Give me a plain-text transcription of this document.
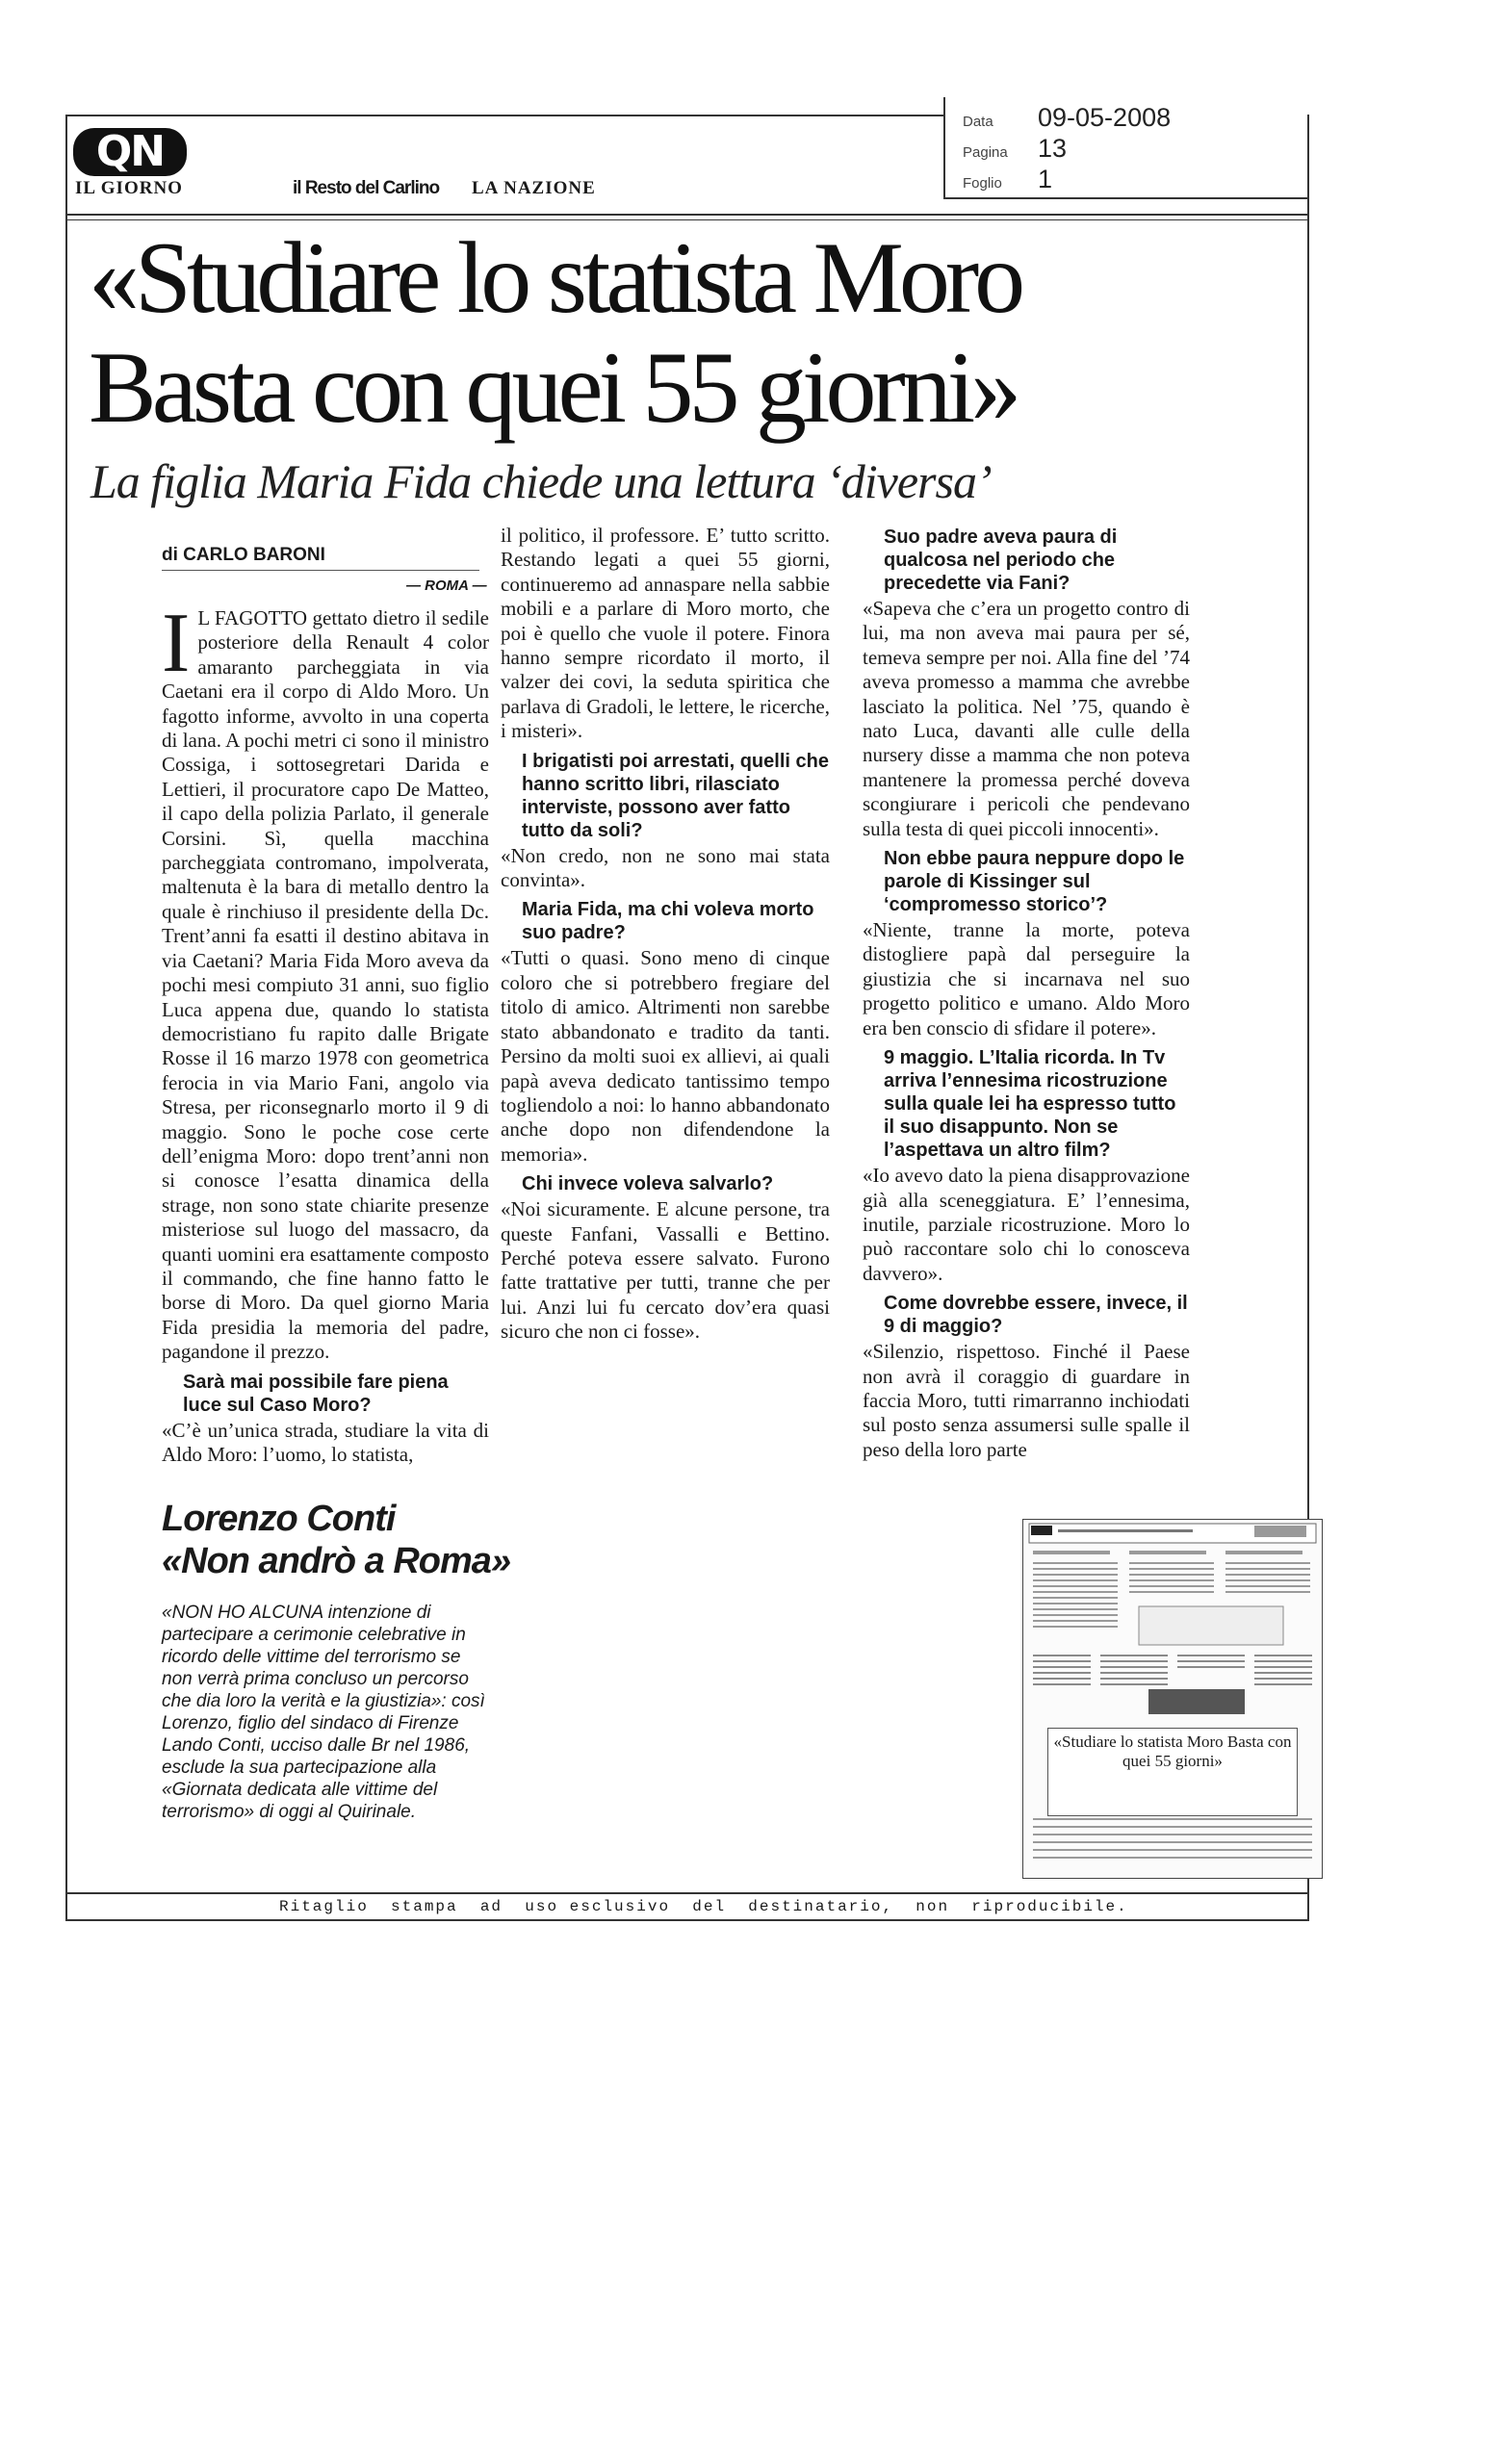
QN
IL GIORNO	il Resto del Carlino LA NAZIONE
Data 09-05-2008
Pagina 13
Foglio 1
«Studiare lo statista Moro
Basta con quei 55 giorni»
La figlia Maria Fida chiede una lettura ‘diversa’
di CARLO BARONI
— ROMA —

I L FAGOTTO gettato dietro il sedile posteriore della Renault 4 color amaranto parcheggiata in via Caetani era il corpo di Aldo Moro. Un fagotto informe, avvolto in una coperta di lana. A pochi metri ci sono il ministro Cossiga, i sottosegretari Darida e Lettieri, il procuratore capo De Matteo, il capo della polizia Parlato, il generale Corsini. Sì, quella macchina parcheggiata contromano, impolverata, maltenuta è la bara di metallo dentro la quale è rinchiuso il presidente della Dc. Trent’anni fa esatti il destino abitava in via Caetani? Maria Fida Moro aveva da pochi mesi compiuto 31 anni, suo figlio Luca appena due, quando lo statista democristiano fu rapito dalle Brigate Rosse il 16 marzo 1978 con geometrica ferocia in via Mario Fani, angolo via Stresa, per riconsegnarlo morto il 9 di maggio. Sono le poche cose certe dell’enigma Moro: dopo trent’anni non si conosce l’esatta dinamica della strage, non sono state chiarite presenze misteriose sul luogo del massacro, da quanti uomini era esattamente composto il commando, che fine hanno fatto le borse di Moro. Da quel giorno Maria Fida presidia la memoria del padre, pagandone il prezzo.

Sarà mai possibile fare piena luce sul Caso Moro?

«C’è un’unica strada, studiare la vita di Aldo Moro: l’uomo, lo statista,

il politico, il professore. E’ tutto scritto. Restando legati a quei 55 giorni, continueremo ad annaspare nella sabbie mobili e a parlare di Moro morto, che poi è quello che vuole il potere. Finora hanno sempre ricordato il morto, il valzer dei covi, la seduta spiritica che parlava di Gradoli, le lettere, le ricerche, i misteri».

I brigatisti poi arrestati, quelli che hanno scritto libri, rilasciato interviste, possono aver fatto tutto da soli?

«Non credo, non ne sono mai stata convinta».

Maria Fida, ma chi voleva morto suo padre?

«Tutti o quasi. Sono meno di cinque coloro che si potrebbero fregiare del titolo di amico. Altrimenti non sarebbe stato abbandonato e tradito da tanti. Persino da molti suoi ex allievi, ai quali papà aveva dedicato tantissimo tempo togliendolo a noi: lo hanno abbandonato anche dopo non difendendone la memoria».

Chi invece voleva salvarlo?

«Noi sicuramente. E alcune persone, tra queste Fanfani, Vassalli e Bettino. Perché poteva essere salvato. Furono fatte trattative per tutti, tranne che per lui. Anzi lui fu cercato dov’era quasi sicuro che non ci fosse».

Suo padre aveva paura di qualcosa nel periodo che precedette via Fani?

«Sapeva che c’era un progetto contro di lui, ma non aveva mai paura per sé, temeva sempre per noi. Alla fine del ’74 aveva promesso a mamma che avrebbe lasciato la politica. Nel ’75, quando è nato Luca, davanti alle culle della nursery disse a mamma che non poteva mantenere la promessa perché doveva scongiurare i pericoli che pendevano sulla testa di quei piccoli innocenti».

Non ebbe paura neppure dopo le parole di Kissinger sul ‘compromesso storico’?

«Niente, tranne la morte, poteva distogliere papà dal perseguire la giustizia che si incarnava nel suo progetto politico e umano. Aldo Moro era ben conscio di sfidare il potere».

9 maggio. L’Italia ricorda. In Tv arriva l’ennesima ricostruzione sulla quale lei ha espresso tutto il suo disappunto. Non se l’aspettava un altro film?

«Io avevo dato la piena disapprovazione già alla sceneggiatura. E’ l’ennesima, inutile, parziale ricostruzione. Moro lo può raccontare solo chi lo conosceva davvero».

Come dovrebbe essere, invece, il 9 di maggio?

«Silenzio, rispettoso. Finché il Paese non avrà il coraggio di guardare in faccia Moro, tutti rimarranno inchiodati sul posto senza assumersi sulle spalle il peso della loro parte

Lorenzo Conti
«Non andrò a Roma»
«NON HO ALCUNA intenzione di partecipare a cerimonie celebrative in ricordo delle vittime del terrorismo se non verrà prima concluso un percorso che dia loro la verità e la giustizia»: così Lorenzo, figlio del sindaco di Firenze Lando Conti, ucciso dalle Br nel 1986, esclude la sua partecipazione alla «Giornata dedicata alle vittime del terrorismo» di oggi al Quirinale.
«Studiare lo statista Moro Basta con quei 55 giorni»
Ritaglio  stampa  ad  uso esclusivo  del  destinatario,  non  riproducibile.
